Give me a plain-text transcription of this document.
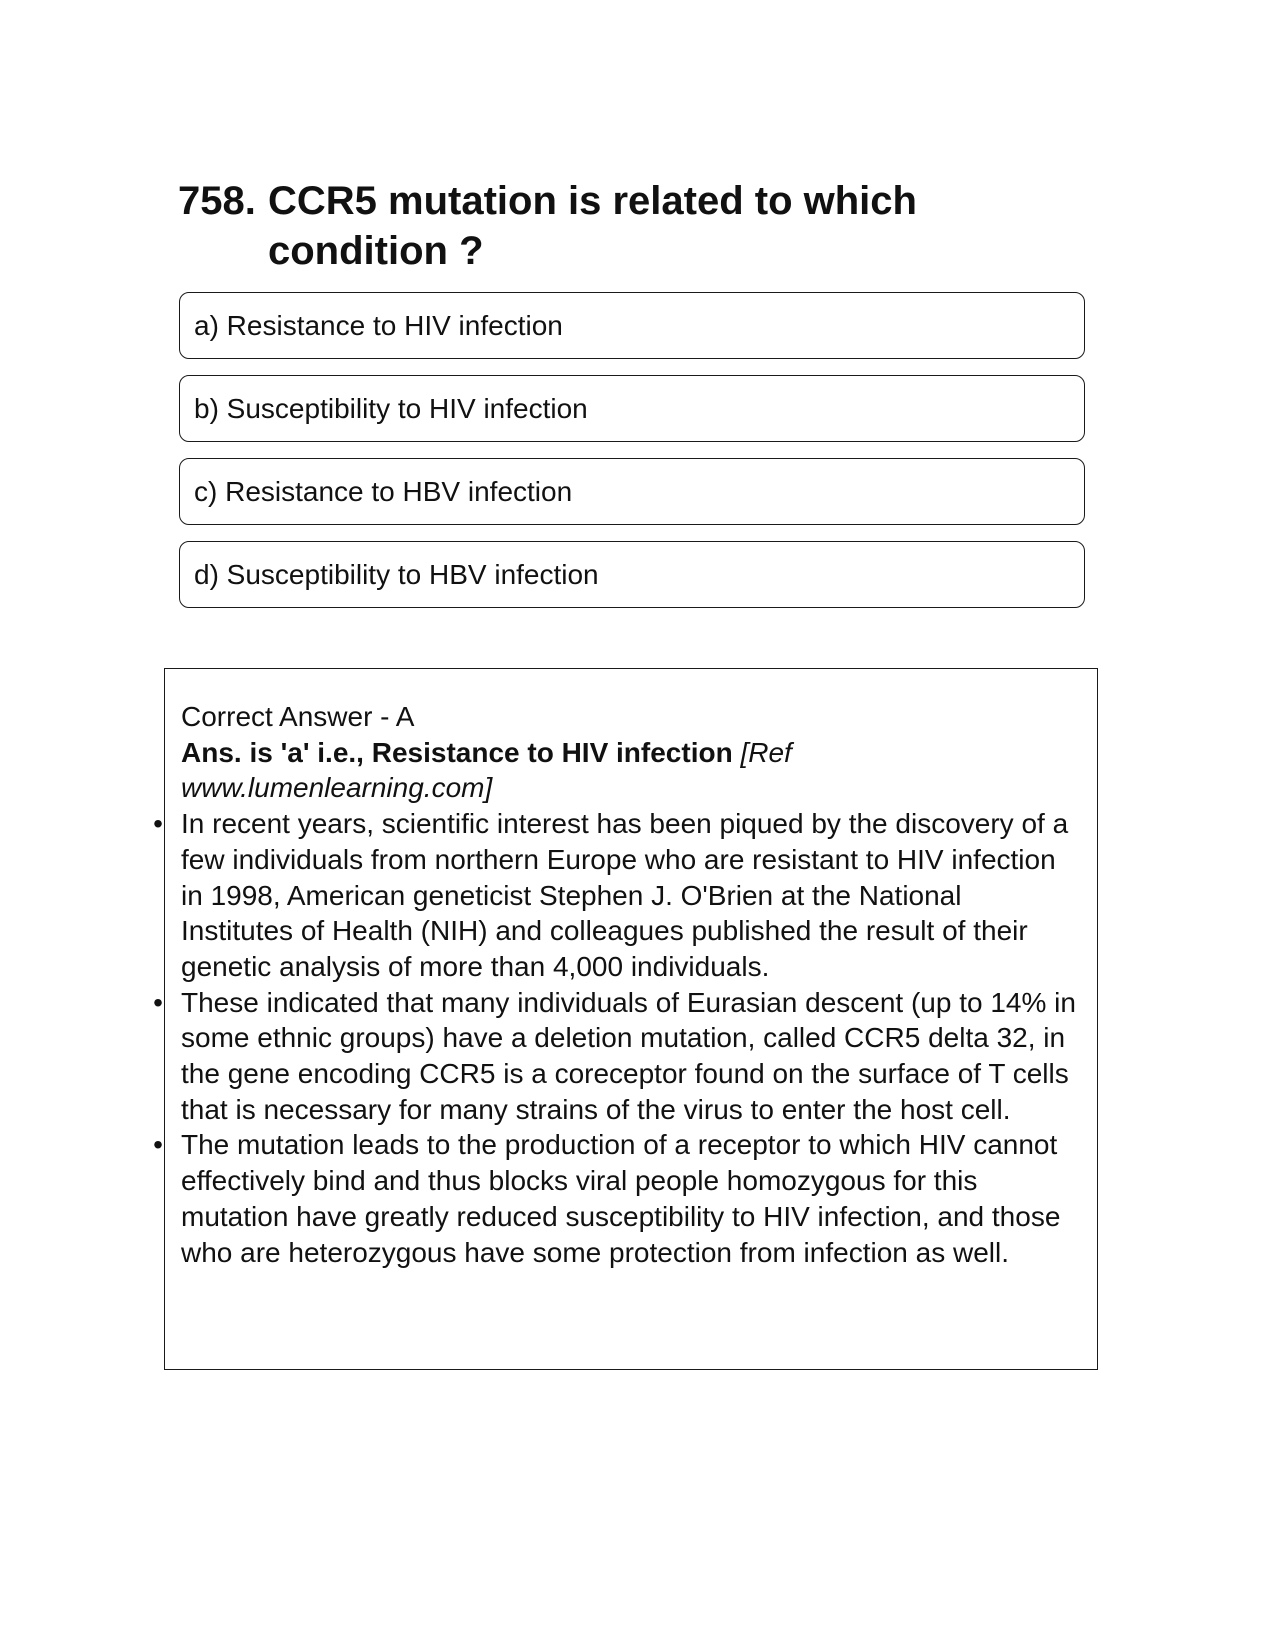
758. CCR5 mutation is related to which condition ?
a) Resistance to HIV infection
b) Susceptibility to HIV infection
c) Resistance to HBV infection
d) Susceptibility to HBV infection

Correct Answer - A

Ans. is 'a' i.e., Resistance to HIV infection [Ref www.lumenlearning.com]

• In recent years, scientific interest has been piqued by the discovery of a few individuals from northern Europe who are resistant to HIV infection in 1998, American geneticist Stephen J. O'Brien at the National Institutes of Health (NIH) and colleagues published the result of their genetic analysis of more than 4,000 individuals.
• These indicated that many individuals of Eurasian descent (up to 14% in some ethnic groups) have a deletion mutation, called CCR5 delta 32, in the gene encoding CCR5 is a coreceptor found on the surface of T cells that is necessary for many strains of the virus to enter the host cell.
• The mutation leads to the production of a receptor to which HIV cannot effectively bind and thus blocks viral people homozygous for this mutation have greatly reduced susceptibility to HIV infection, and those who are heterozygous have some protection from infection as well.
